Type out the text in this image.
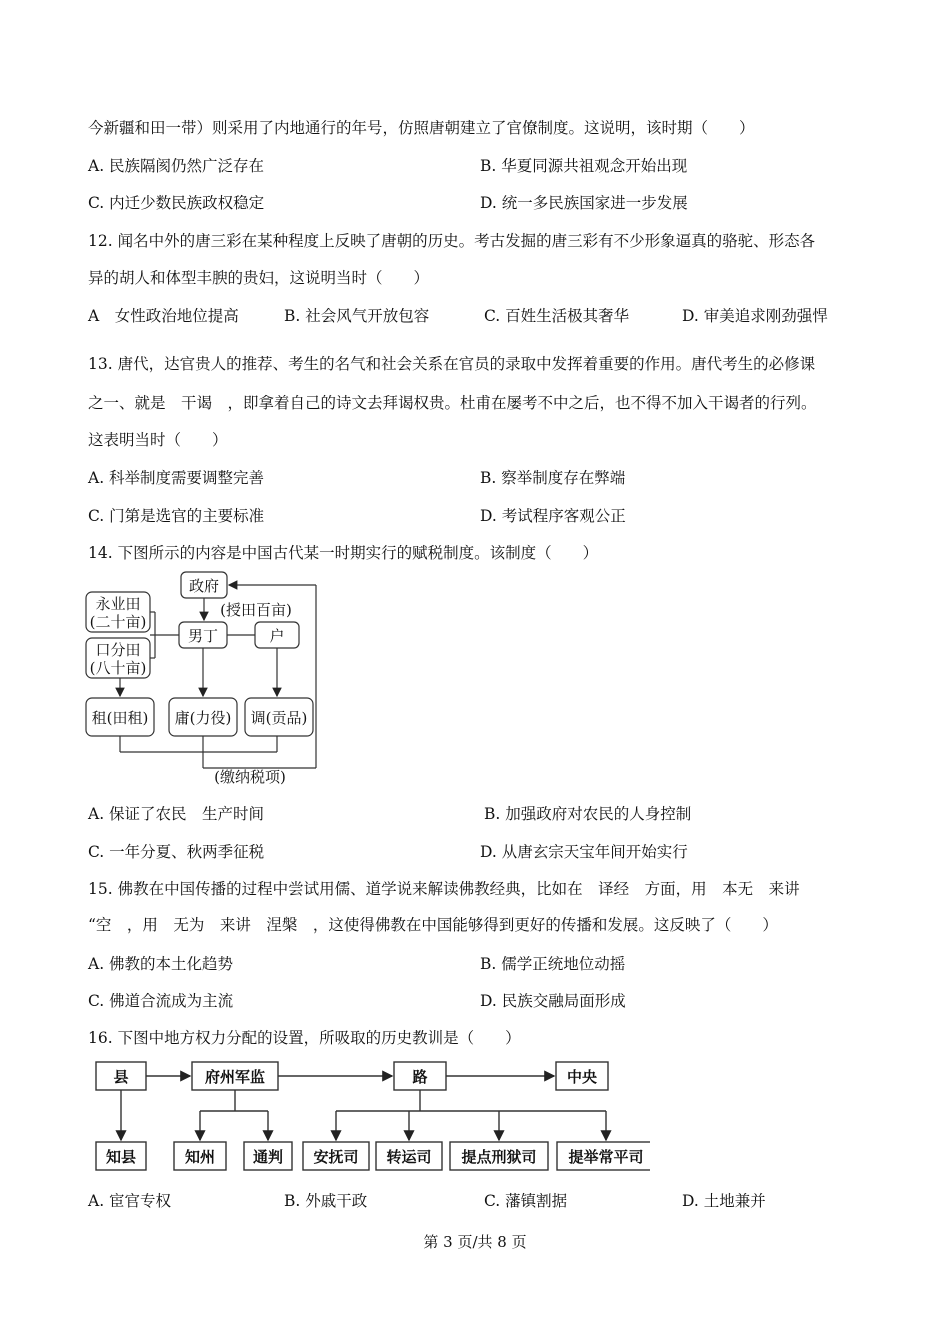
今新疆和田一带）则采用了内地通行的年号，仿照唐朝建立了官僚制度。这说明，该时期（　　）
A. 民族隔阂仍然广泛存在	B. 华夏同源共祖观念开始出现
C. 内迁少数民族政权稳定	D. 统一多民族国家进一步发展
12. 闻名中外的唐三彩在某种程度上反映了唐朝的历史。考古发掘的唐三彩有不少形象逼真的骆驼、形态各
异的胡人和体型丰腴的贵妇，这说明当时（　　）
A　女性政治地位提高	B. 社会风气开放包容	C. 百姓生活极其奢华	D. 审美追求刚劲强悍
13. 唐代，达官贵人的推荐、考生的名气和社会关系在官员的录取中发挥着重要的作用。唐代考生的必修课
之一、就是　干谒　，即拿着自己的诗文去拜谒权贵。杜甫在屡考不中之后，也不得不加入干谒者的行列。
这表明当时（　　）
A. 科举制度需要调整完善	B. 察举制度存在弊端
C. 门第是选官的主要标准	D. 考试程序客观公正
14. 下图所示的内容是中国古代某一时期实行的赋税制度。该制度（　　）
政府
(授田百亩)
永业田
(二十亩)
口分田
(八十亩)
男丁	户
租(田租) 庸(力役) 调(贡品)
(缴纳税项)
A. 保证了农民　生产时间	B. 加强政府对农民的人身控制
C. 一年分夏、秋两季征税	D. 从唐玄宗天宝年间开始实行
15. 佛教在中国传播的过程中尝试用儒、道学说来解读佛教经典，比如在　译经　方面，用　本无　来讲
“空　，用　无为　来讲　涅槃　，这使得佛教在中国能够得到更好的传播和发展。这反映了（　　）
A. 佛教的本土化趋势	B. 儒学正统地位动摇
C. 佛道合流成为主流	D. 民族交融局面形成
16. 下图中地方权力分配的设置，所吸取的历史教训是（　　）
县	府州军监	路	中央
知县	知州	通判 安抚司 转运司 提点刑狱司 提举常平司
A. 宦官专权	B. 外戚干政	C. 藩镇割据	D. 土地兼并
第 3 页/共 8 页
